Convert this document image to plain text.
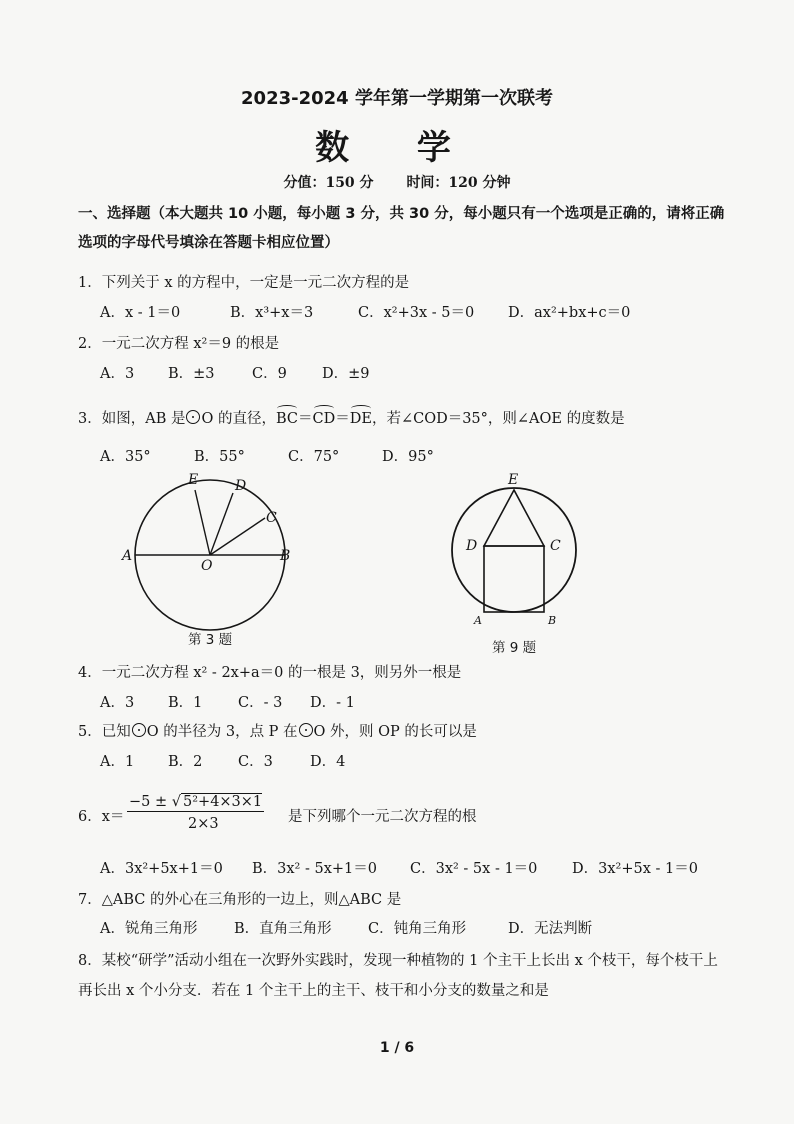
2023-2024 学年第一学期第一次联考
数 学
分值：150 分 时间：120 分钟
一、选择题（本大题共 10 小题，每小题 3 分，共 30 分，每小题只有一个选项是正确的，请将正确选项的字母代号填涂在答题卡相应位置）
1．下列关于 x 的方程中，一定是一元二次方程的是
A．x - 1＝0	B．x³+x＝3	C．x²+3x - 5＝0 D．ax²+bx+c＝0
2．一元二次方程 x²＝9 的根是
A．3 B．±3	C．9 D．±9
3．如图，AB 是 O 的直径，BC＝CD＝DE，若∠COD＝35°，则∠AOE 的度数是
A．35°	B．55°	C．75°	D．95°
A	B
O
C
D
E
第 3 题
E
D	C
A	B
第 9 题
4．一元二次方程 x² - 2x+a＝0 的一根是 3，则另外一根是
A．3 B．1 C．- 3 D．- 1
5．已知 O 的半径为 3，点 P 在 O 外，则 OP 的长可以是
A．1 B．2 C．3	D．4
6．x＝
−5 ± √ 5²+4×3×1
2×3	是下列哪个一元二次方程的根
A．3x²+5x+1＝0 B．3x² - 5x+1＝0 C．3x² - 5x - 1＝0 D．3x²+5x - 1＝0
7．△ABC 的外心在三角形的一边上，则△ABC 是
A．锐角三角形	B．直角三角形	C．钝角三角形	D．无法判断
8．某校“研学”活动小组在一次野外实践时，发现一种植物的 1 个主干上长出 x 个枝干，每个枝干上再长出 x 个小分支．若在 1 个主干上的主干、枝干和小分支的数量之和是
1 / 6
